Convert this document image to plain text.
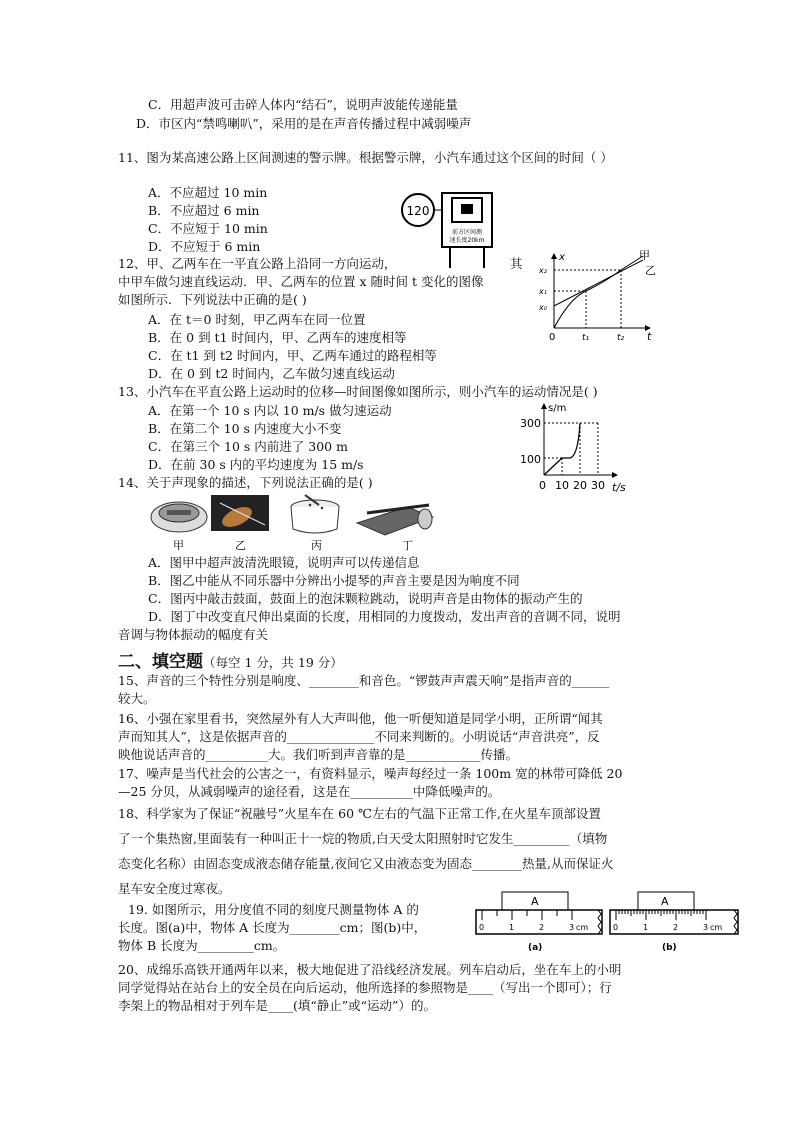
C．用超声波可击碎人体内“结石”，说明声波能传递能量
D．市区内“禁鸣喇叭”，采用的是在声音传播过程中减弱噪声
11、图为某高速公路上区间测速的警示牌。根据警示牌，小汽车通过这个区间的时间（ ）
A．不应超过 10 min
B．不应超过 6 min
C．不应短于 10 min
D．不应短于 6 min
120
前方区间测
速长度20km
12、甲、乙两车在一平直公路上沿同一方向运动，	其
中甲车做匀速直线运动．甲、乙两车的位置 x 随时间 t 变化的图像
如图所示．下列说法中正确的是( )
A．在 t＝0 时刻，甲乙两车在同一位置
B．在 0 到 t1 时间内，甲、乙两车的速度相等
C．在 t1 到 t2 时间内，甲、乙两车通过的路程相等
D．在 0 到 t2 时间内，乙车做匀速直线运动
x
t
x₂
x₁
x₀
0	t₁	t₂
甲
乙
13、小汽车在平直公路上运动时的位移—时间图像如图所示，则小汽车的运动情况是( )
A．在第一个 10 s 内以 10 m/s 做匀速运动
B．在第二个 10 s 内速度大小不变
C．在第三个 10 s 内前进了 300 m
D．在前 30 s 内的平均速度为 15 m/s
s/m
300
100
0 10 20 30 t/s
14、关于声现象的描述，下列说法正确的是( )
甲	乙	丙	丁
A．图甲中超声波清洗眼镜，说明声可以传递信息
B．图乙中能从不同乐器中分辨出小提琴的声音主要是因为响度不同
C．图丙中敲击鼓面，鼓面上的泡沫颗粒跳动，说明声音是由物体的振动产生的
D．图丁中改变直尺伸出桌面的长度，用相同的力度拨动，发出声音的音调不同，说明
音调与物体振动的幅度有关
二、填空题（每空 1 分，共 19 分）
15、声音的三个特性分别是响度、________和音色。“锣鼓声声震天响”是指声音的______
较大。
16、小强在家里看书，突然屋外有人大声叫他，他一听便知道是同学小明，正所谓“闻其
声而知其人”，这是依据声音的______________不同来判断的。小明说话“声音洪亮”，反
映他说话声音的__________大。我们听到声音靠的是____________传播。
17、噪声是当代社会的公害之一，有资料显示，噪声每经过一条 100m 宽的林带可降低 20
—25 分贝，从减弱噪声的途径看，这是在__________中降低噪声的。
18、科学家为了保证“祝融号”火星车在 60 ℃左右的气温下正常工作,在火星车顶部设置
了一个集热窗,里面装有一种叫正十一烷的物质,白天受太阳照射时它发生_________（填物
态变化名称）由固态变成液态储存能量,夜间它又由液态变为固态________热量,从而保证火
星车安全度过寒夜。
19. 如图所示，用分度值不同的刻度尺测量物体 A 的
长度。图(a)中，物体 A 长度为________cm；图(b)中，
物体 B 长度为_________cm。
A
0	1	2	3 cm
(a)
A
0	1	2	3 cm
(b)
20、成绵乐高铁开通两年以来，极大地促进了沿线经济发展。列车启动后，坐在车上的小明
同学觉得站在站台上的安全员在向后运动，他所选择的参照物是____（写出一个即可）；行
李架上的物品相对于列车是____(填“静止”或“运动”）的。
